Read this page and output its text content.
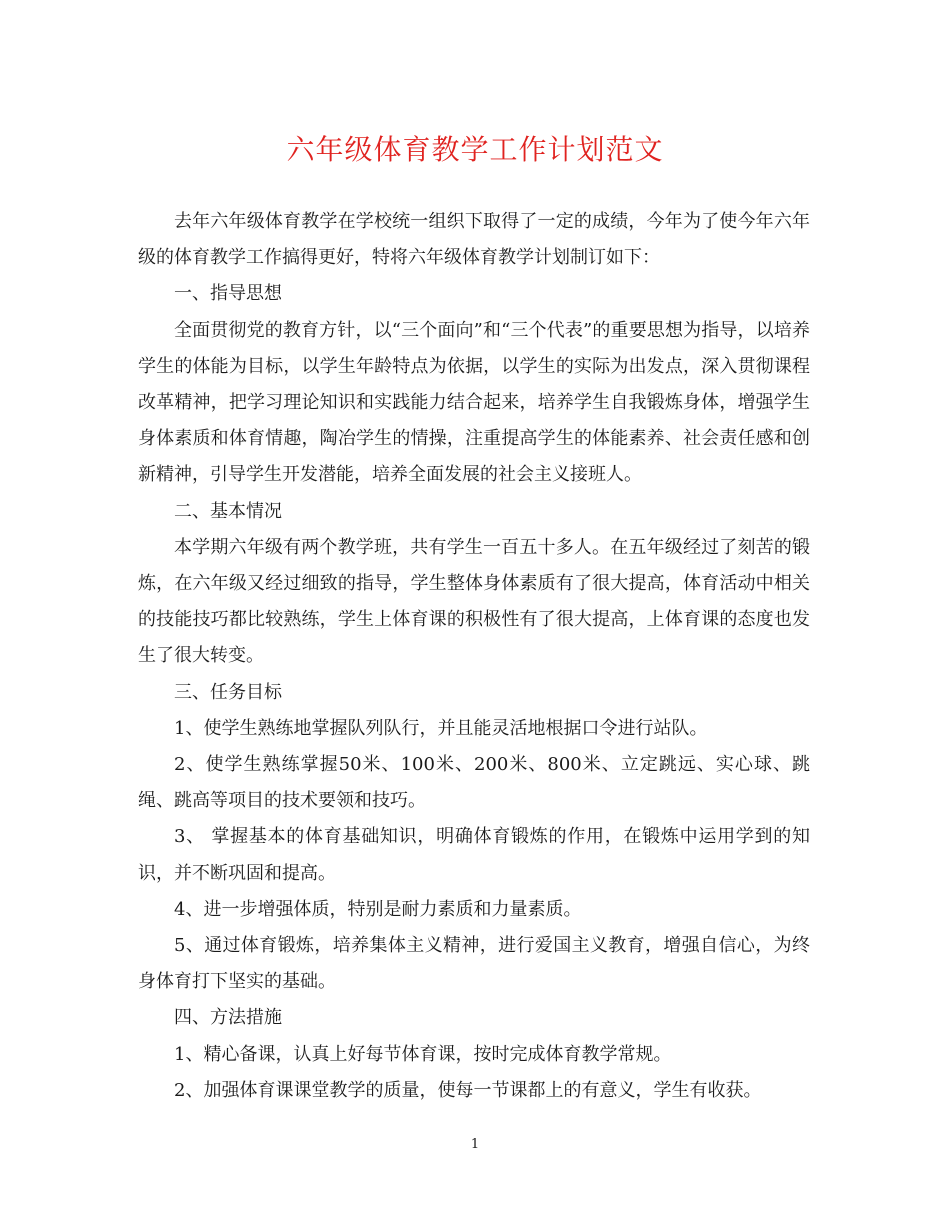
六年级体育教学工作计划范文

去年六年级体育教学在学校统一组织下取得了一定的成绩，今年为了使今年六年级的体育教学工作搞得更好，特将六年级体育教学计划制订如下：

一、指导思想

全面贯彻党的教育方针，以“三个面向”和“三个代表”的重要思想为指导，以培养学生的体能为目标，以学生年龄特点为依据，以学生的实际为出发点，深入贯彻课程改革精神，把学习理论知识和实践能力结合起来，培养学生自我锻炼身体，增强学生身体素质和体育情趣，陶冶学生的情操，注重提高学生的体能素养、社会责任感和创新精神，引导学生开发潜能，培养全面发展的社会主义接班人。

二、基本情况

本学期六年级有两个教学班，共有学生一百五十多人。在五年级经过了刻苦的锻炼，在六年级又经过细致的指导，学生整体身体素质有了很大提高，体育活动中相关的技能技巧都比较熟练，学生上体育课的积极性有了很大提高，上体育课的态度也发生了很大转变。

三、任务目标

1、使学生熟练地掌握队列队行，并且能灵活地根据口令进行站队。

2、使学生熟练掌握50米、100米、200米、800米、立定跳远、实心球、跳绳、跳高等项目的技术要领和技巧。

3、 掌握基本的体育基础知识，明确体育锻炼的作用，在锻炼中运用学到的知识，并不断巩固和提高。

4、进一步增强体质，特别是耐力素质和力量素质。

5、通过体育锻炼，培养集体主义精神，进行爱国主义教育，增强自信心，为终身体育打下坚实的基础。

四、方法措施

1、精心备课，认真上好每节体育课，按时完成体育教学常规。

2、加强体育课课堂教学的质量，使每一节课都上的有意义，学生有收获。

1
